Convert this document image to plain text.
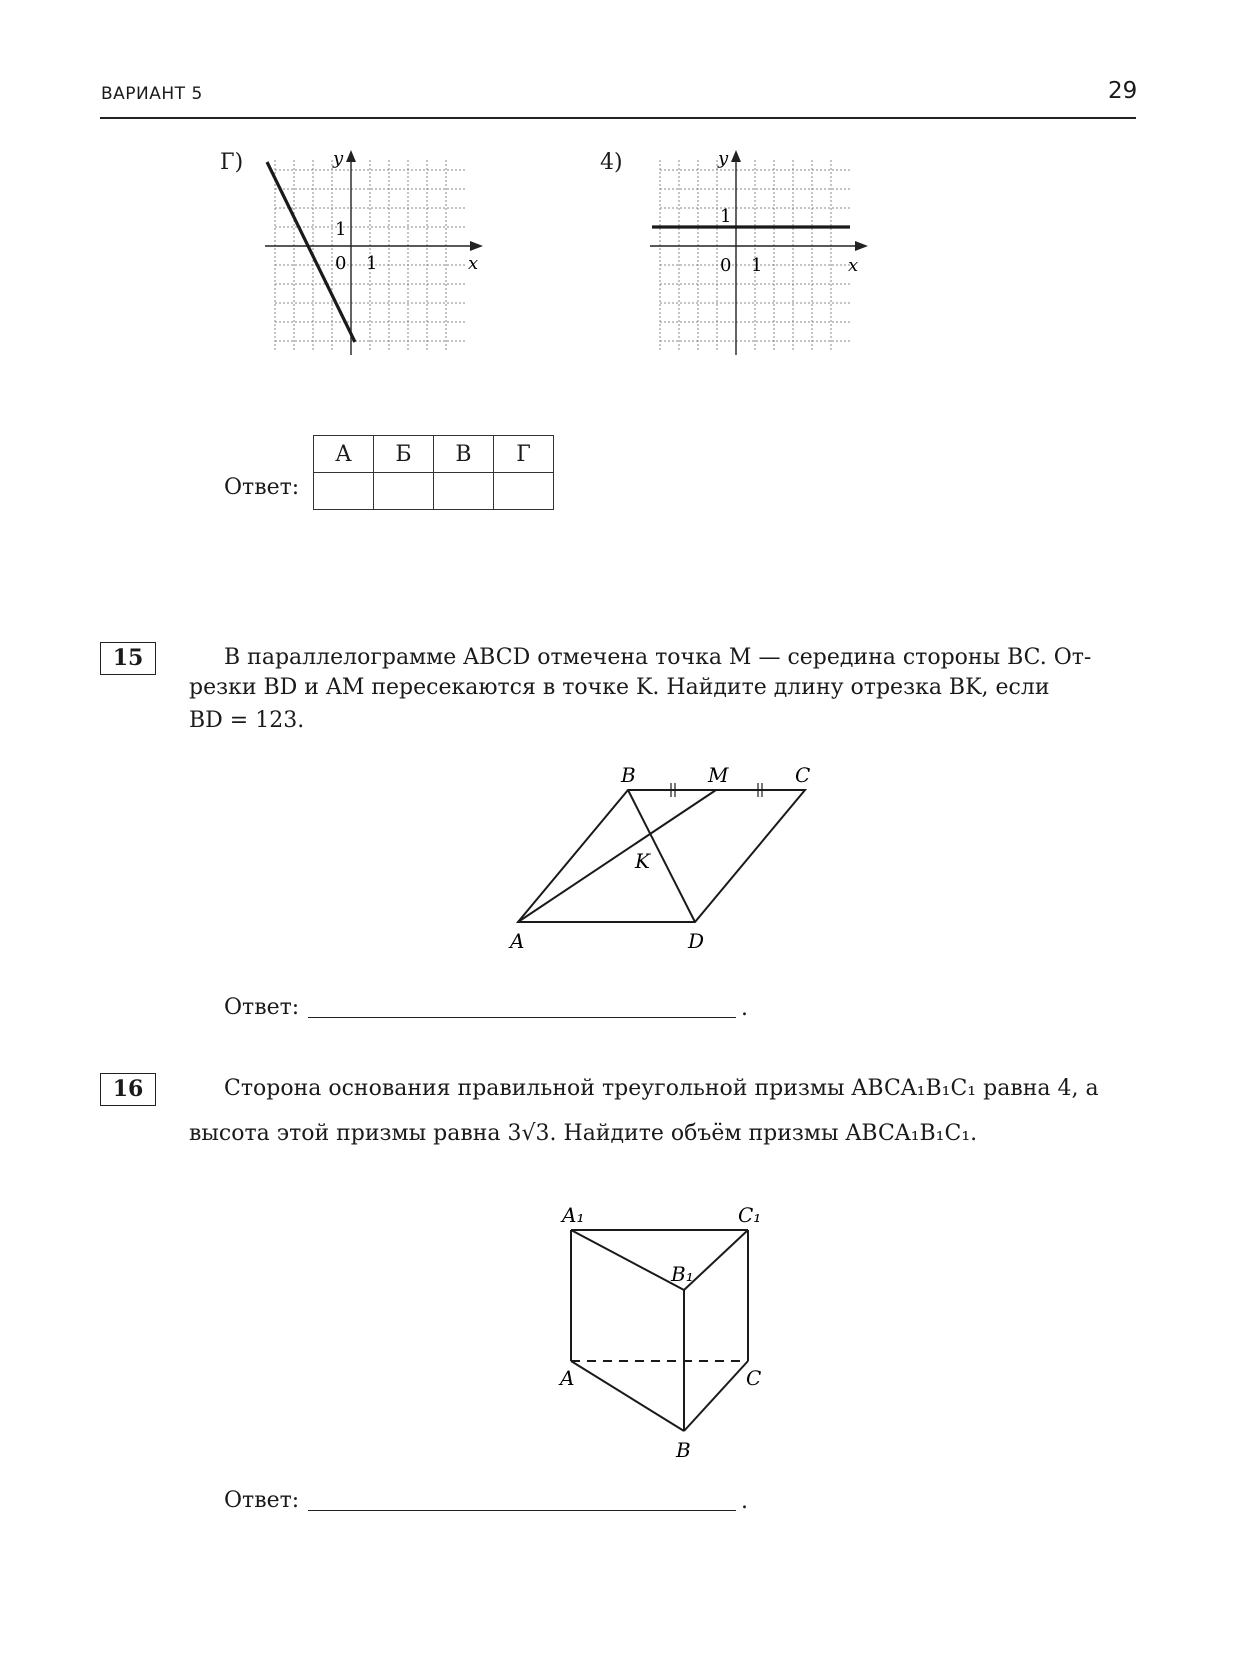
ВАРИАНТ 5	29
Г)	y
x
1
0 1
4)	y
x
1
0 1
Ответ:
А	Б	В	Г

15	В параллелограмме ABCD отмечена точка M — середина стороны BC. От-
резки BD и AM пересекаются в точке K. Найдите длину отрезка BK, если
BD = 123.
B	M	C
K
A	D
Ответ:	.
16	Сторона основания правильной треугольной призмы ABCA₁B₁C₁ равна 4, а
высота этой призмы равна 3√3. Найдите объём призмы ABCA₁B₁C₁.
A₁	C₁
B₁
A	C
B
Ответ:	.
